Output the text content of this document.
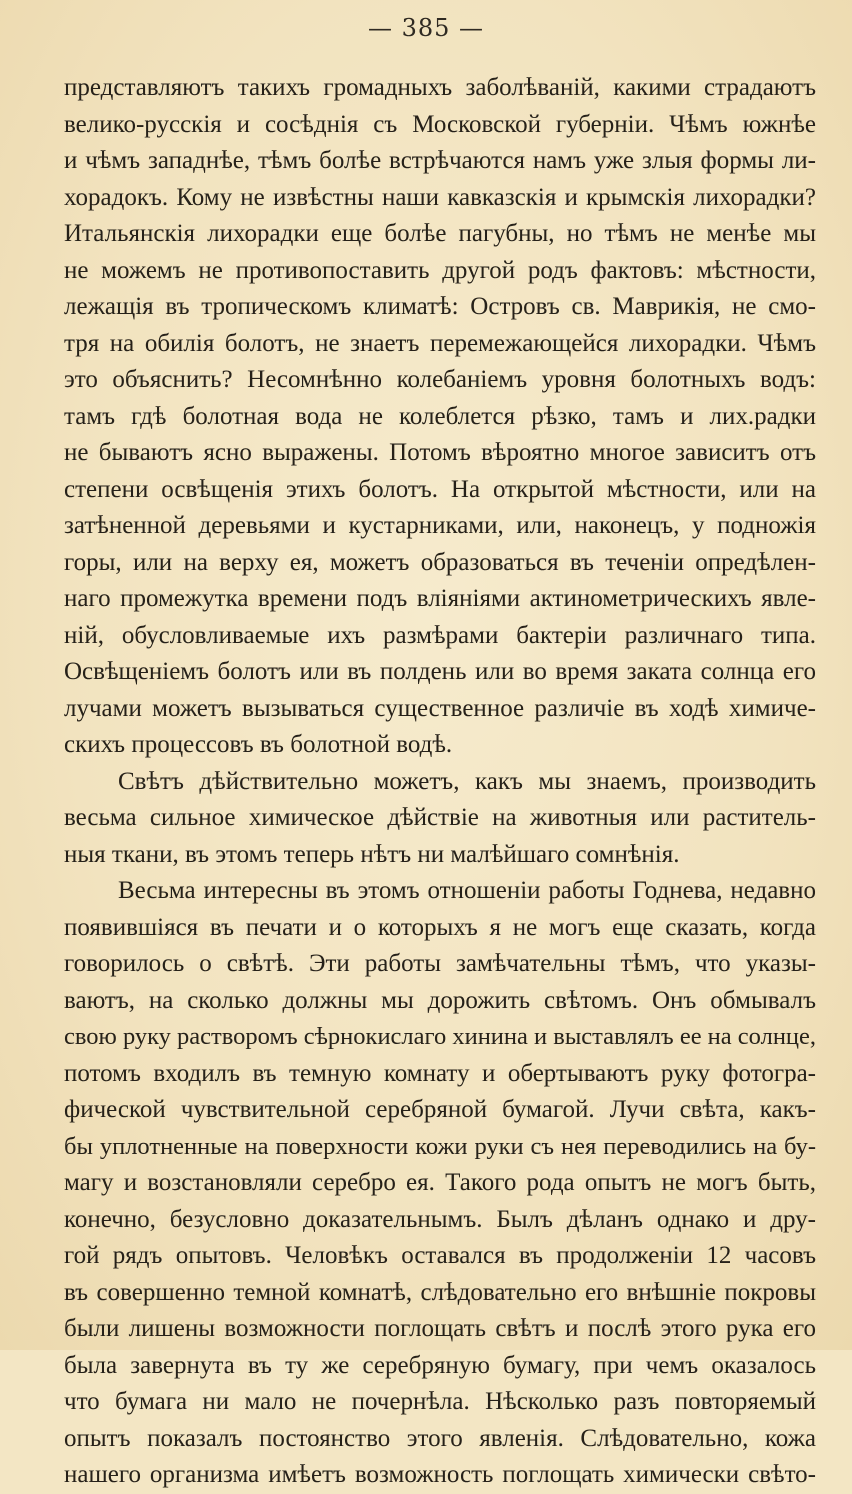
— 385 —
представляютъ такихъ громадныхъ заболѣваній, какими страдаютъ
велико-русскія и сосѣднія съ Московской губерніи. Чѣмъ южнѣе
и чѣмъ западнѣе, тѣмъ болѣе встрѣчаются намъ уже злыя формы ли-
хорадокъ. Кому не извѣстны наши кавказскія и крымскія лихорадки?
Итальянскія лихорадки еще болѣе пагубны, но тѣмъ не менѣе мы
не можемъ не противопоставить другой родъ фактовъ: мѣстности,
лежащія въ тропическомъ климатѣ: Островъ св. Маврикія, не смо-
тря на обилія болотъ, не знаетъ перемежающейся лихорадки. Чѣмъ
это объяснить? Несомнѣнно колебаніемъ уровня болотныхъ водъ:
тамъ гдѣ болотная вода не колеблется рѣзко, тамъ и лих.радки
не бываютъ ясно выражены. Потомъ вѣроятно многое зависитъ отъ
степени освѣщенія этихъ болотъ. На открытой мѣстности, или на
затѣненной деревьями и кустарниками, или, наконецъ, у подножія
горы, или на верху ея, можетъ образоваться въ теченіи опредѣлен-
наго промежутка времени подъ вліяніями актинометрическихъ явле-
ній, обусловливаемые ихъ размѣрами бактеріи различнаго типа.
Освѣщеніемъ болотъ или въ полдень или во время заката солнца его
лучами можетъ вызываться существенное различіе въ ходѣ химиче-
скихъ процессовъ въ болотной водѣ.
Свѣтъ дѣйствительно можетъ, какъ мы знаемъ, производить
весьма сильное химическое дѣйствіе на животныя или раститель-
ныя ткани, въ этомъ теперь нѣтъ ни малѣйшаго сомнѣнія.
Весьма интересны въ этомъ отношеніи работы Годнева, недавно
появившіяся въ печати и о которыхъ я не могъ еще сказать, когда
говорилось о свѣтѣ. Эти работы замѣчательны тѣмъ, что указы-
ваютъ, на сколько должны мы дорожить свѣтомъ. Онъ обмывалъ
свою руку растворомъ сѣрнокислаго хинина и выставлялъ ее на солнце,
потомъ входилъ въ темную комнату и обертываютъ руку фотогра-
фической чувствительной серебряной бумагой. Лучи свѣта, какъ-
бы уплотненные на поверхности кожи руки съ нея переводились на бу-
магу и возстановляли серебро ея. Такого рода опытъ не могъ быть,
конечно, безусловно доказательнымъ. Былъ дѣланъ однако и дру-
гой рядъ опытовъ. Человѣкъ оставался въ продолженіи 12 часовъ
въ совершенно темной комнатѣ, слѣдовательно его внѣшніе покровы
были лишены возможности поглощать свѣтъ и послѣ этого рука его
была завернута въ ту же серебряную бумагу, при чемъ оказалось
что бумага ни мало не почернѣла. Нѣсколько разъ повторяемый
опытъ показалъ постоянство этого явленія. Слѣдовательно, кожа
нашего организма имѣетъ возможность поглощать химически свѣто-
